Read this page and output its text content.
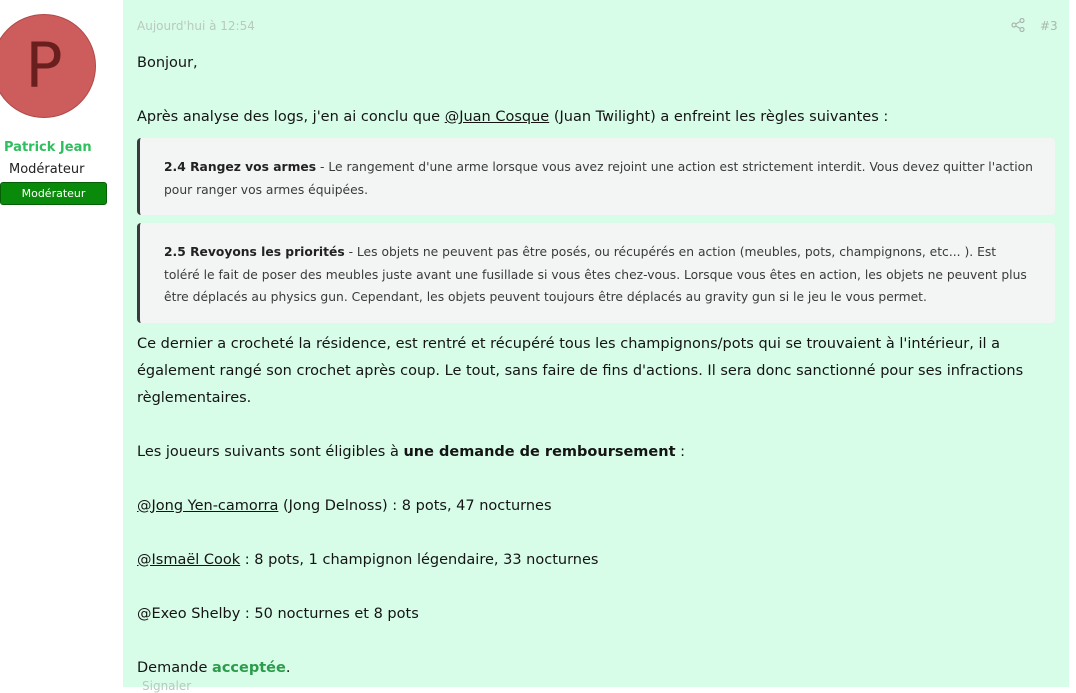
P
Patrick Jean
Modérateur
Modérateur
Aujourd'hui à 12:54	#3

Bonjour,

Après analyse des logs, j'en ai conclu que @Juan Cosque (Juan Twilight) a enfreint les règles suivantes :

2.4 Rangez vos armes - Le rangement d'une arme lorsque vous avez rejoint une action est strictement interdit. Vous devez quitter l'action pour ranger vos armes équipées.
2.5 Revoyons les priorités - Les objets ne peuvent pas être posés, ou récupérés en action (meubles, pots, champignons, etc... ). Est toléré le fait de poser des meubles juste avant une fusillade si vous êtes chez-vous. Lorsque vous êtes en action, les objets ne peuvent plus être déplacés au physics gun. Cependant, les objets peuvent toujours être déplacés au gravity gun si le jeu le vous permet.

Ce dernier a crocheté la résidence, est rentré et récupéré tous les champignons/pots qui se trouvaient à l'intérieur, il a également rangé son crochet après coup. Le tout, sans faire de fins d'actions. Il sera donc sanctionné pour ses infractions règlementaires.

Les joueurs suivants sont éligibles à une demande de remboursement :

@Jong Yen-camorra (Jong Delnoss) : 8 pots, 47 nocturnes

@Ismaël Cook : 8 pots, 1 champignon légendaire, 33 nocturnes

@Exeo Shelby : 50 nocturnes et 8 pots

Demande acceptée.

Signaler
